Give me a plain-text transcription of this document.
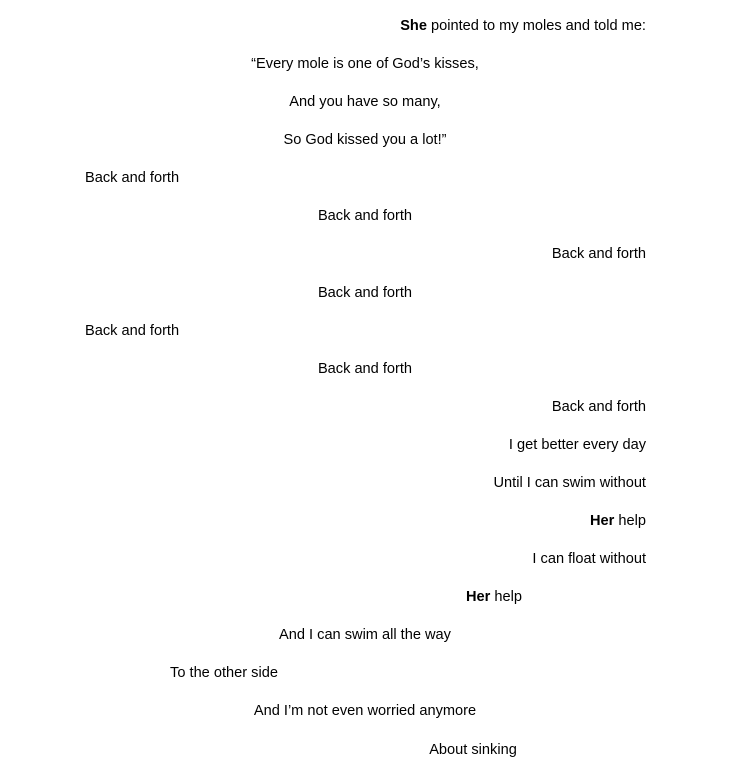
She pointed to my moles and told me:
“Every mole is one of God’s kisses,
And you have so many,
So God kissed you a lot!”
Back and forth
Back and forth
Back and forth
Back and forth
Back and forth
Back and forth
Back and forth
I get better every day
Until I can swim without
Her help
I can float without
Her help
And I can swim all the way
To the other side
And I’m not even worried anymore
About sinking
